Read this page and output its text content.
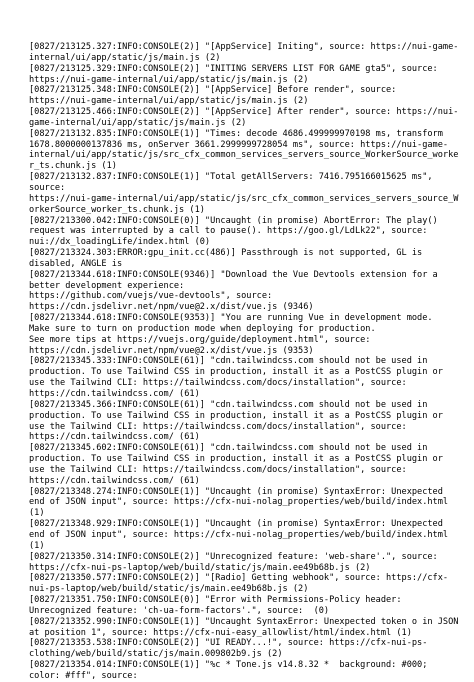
[0827/213125.327:INFO:CONSOLE(2)] "[AppService] Initing", source: https://nui-game-
internal/ui/app/static/js/main.js (2)
[0827/213125.329:INFO:CONSOLE(2)] "INITING SERVERS LIST FOR GAME gta5", source:
https://nui-game-internal/ui/app/static/js/main.js (2)
[0827/213125.348:INFO:CONSOLE(2)] "[AppService] Before render", source:
https://nui-game-internal/ui/app/static/js/main.js (2)
[0827/213125.466:INFO:CONSOLE(2)] "[AppService] After render", source: https://nui-
game-internal/ui/app/static/js/main.js (2)
[0827/213132.835:INFO:CONSOLE(1)] "Times: decode 4686.499999970198 ms, transform
1678.8000000137836 ms, onServer 3661.2999999728054 ms", source: https://nui-game-
internal/ui/app/static/js/src_cfx_common_services_servers_source_WorkerSource_worke
r_ts.chunk.js (1)
[0827/213132.837:INFO:CONSOLE(1)] "Total getAllServers: 7416.795166015625 ms",
source:
https://nui-game-internal/ui/app/static/js/src_cfx_common_services_servers_source_W
orkerSource_worker_ts.chunk.js (1)
[0827/213300.042:INFO:CONSOLE(0)] "Uncaught (in promise) AbortError: The play()
request was interrupted by a call to pause(). https://goo.gl/LdLk22", source:
nui://dx_loadingLife/index.html (0)
[0827/213324.303:ERROR:gpu_init.cc(486)] Passthrough is not supported, GL is
disabled, ANGLE is
[0827/213344.618:INFO:CONSOLE(9346)] "Download the Vue Devtools extension for a
better development experience:
https://github.com/vuejs/vue-devtools", source:
https://cdn.jsdelivr.net/npm/vue@2.x/dist/vue.js (9346)
[0827/213344.618:INFO:CONSOLE(9353)] "You are running Vue in development mode.
Make sure to turn on production mode when deploying for production.
See more tips at https://vuejs.org/guide/deployment.html", source:
https://cdn.jsdelivr.net/npm/vue@2.x/dist/vue.js (9353)
[0827/213345.333:INFO:CONSOLE(61)] "cdn.tailwindcss.com should not be used in
production. To use Tailwind CSS in production, install it as a PostCSS plugin or
use the Tailwind CLI: https://tailwindcss.com/docs/installation", source:
https://cdn.tailwindcss.com/ (61)
[0827/213345.366:INFO:CONSOLE(61)] "cdn.tailwindcss.com should not be used in
production. To use Tailwind CSS in production, install it as a PostCSS plugin or
use the Tailwind CLI: https://tailwindcss.com/docs/installation", source:
https://cdn.tailwindcss.com/ (61)
[0827/213345.602:INFO:CONSOLE(61)] "cdn.tailwindcss.com should not be used in
production. To use Tailwind CSS in production, install it as a PostCSS plugin or
use the Tailwind CLI: https://tailwindcss.com/docs/installation", source:
https://cdn.tailwindcss.com/ (61)
[0827/213348.274:INFO:CONSOLE(1)] "Uncaught (in promise) SyntaxError: Unexpected
end of JSON input", source: https://cfx-nui-nolag_properties/web/build/index.html
(1)
[0827/213348.929:INFO:CONSOLE(1)] "Uncaught (in promise) SyntaxError: Unexpected
end of JSON input", source: https://cfx-nui-nolag_properties/web/build/index.html
(1)
[0827/213350.314:INFO:CONSOLE(2)] "Unrecognized feature: 'web-share'.", source:
https://cfx-nui-ps-laptop/web/build/static/js/main.ee49b68b.js (2)
[0827/213350.577:INFO:CONSOLE(2)] "[Radio] Getting webhook", source: https://cfx-
nui-ps-laptop/web/build/static/js/main.ee49b68b.js (2)
[0827/213351.750:INFO:CONSOLE(0)] "Error with Permissions-Policy header:
Unrecognized feature: 'ch-ua-form-factors'.", source:  (0)
[0827/213352.990:INFO:CONSOLE(1)] "Uncaught SyntaxError: Unexpected token o in JSON
at position 1", source: https://cfx-nui-easy_allowlist/html/index.html (1)
[0827/213353.538:INFO:CONSOLE(2)] "UI READY...!", source: https://cfx-nui-ps-
clothing/web/build/static/js/main.009802b9.js (2)
[0827/213354.014:INFO:CONSOLE(1)] "%c * Tone.js v14.8.32 *  background: #000;
color: #fff", source:
